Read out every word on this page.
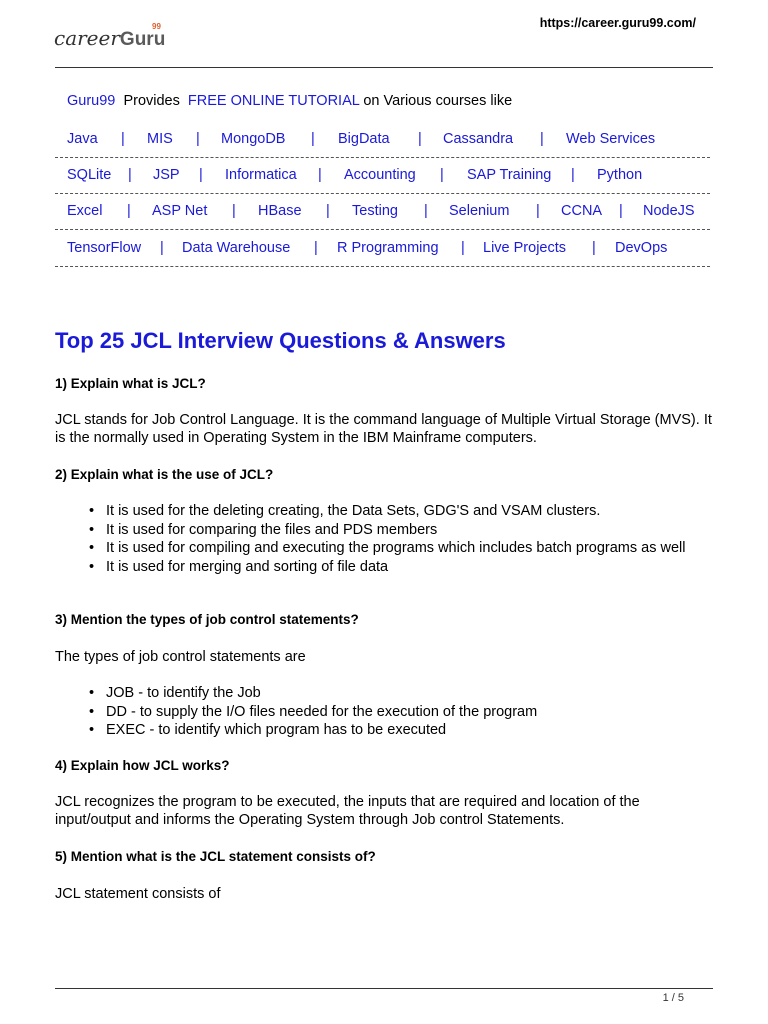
careerGuru
99	https://career.guru99.com/
Guru99 Provides FREE ONLINE TUTORIAL on Various courses like
Java | MIS | MongoDB | BigData | Cassandra | Web Services
SQLite | JSP | Informatica | Accounting | SAP Training | Python
Excel | ASP Net | HBase | Testing | Selenium | CCNA | NodeJS
TensorFlow | Data Warehouse | R Programming | Live Projects | DevOps
Top 25 JCL Interview Questions & Answers
1) Explain what is JCL?
JCL stands for Job Control Language. It is the command language of Multiple Virtual Storage (MVS). It is the normally used in Operating System in the IBM Mainframe computers.
2) Explain what is the use of JCL?
• It is used for the deleting creating, the Data Sets, GDG'S and VSAM clusters.
• It is used for comparing the files and PDS members
• It is used for compiling and executing the programs which includes batch programs as well
• It is used for merging and sorting of file data
3) Mention the types of job control statements?
The types of job control statements are
• JOB - to identify the Job
• DD - to supply the I/O files needed for the execution of the program
• EXEC - to identify which program has to be executed
4) Explain how JCL works?
JCL recognizes the program to be executed, the inputs that are required and location of the input/output and informs the Operating System through Job control Statements.
5) Mention what is the JCL statement consists of?
JCL statement consists of
1 / 5
